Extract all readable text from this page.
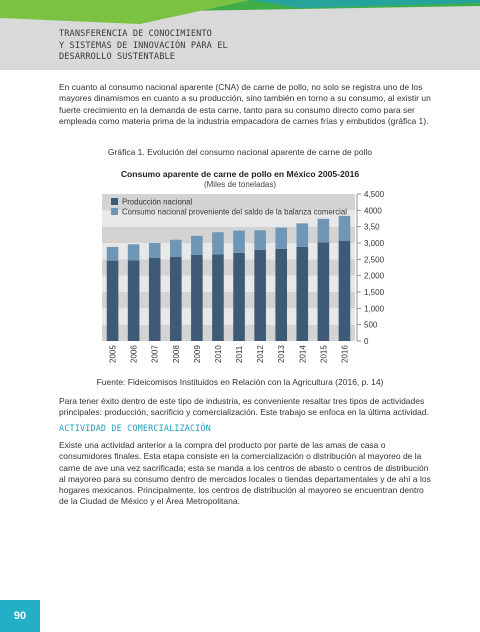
TRANSFERENCIA DE CONOCIMIENTO
Y SISTEMAS DE INNOVACIÓN PARA EL
DESARROLLO SUSTENTABLE

En cuanto al consumo nacional aparente (CNA) de carne de pollo, no solo se registra uno de los mayores dinamismos en cuanto a su producción, sino también en torno a su consumo, al existir un fuerte crecimiento en la demanda de esta carne, tanto para su consumo directo como para ser empleada como materia prima de la industria empacadora de carnes frías y embutidos (gráfica 1).

Gráfica 1. Evolución del consumo nacional aparente de carne de pollo

Consumo aparente de carne de pollo en México 2005-2016

(Miles de toneladas)

2005 2006 2007 2008 2009 2010 2011 2012 2013 2014 2015 2016
0
500
1,000
1,500
2,000
2,500
3,000
3,50
4000
4,500
Producción nacional
Consumo nacional proveniente del saldo de la balanza comercial

Fuente: Fideicomisos Instituidos en Relación con la Agricultura (2016, p. 14)

Para tener éxito dentro de este tipo de industria, es conveniente resaltar tres tipos de actividades principales: producción, sacrificio y comercialización. Este trabajo se enfoca en la última actividad.

ACTIVIDAD DE COMERCIALIZACIÓN

Existe una actividad anterior a la compra del producto por parte de las amas de casa o consumidores finales. Esta etapa consiste en la comercialización o distribución al mayoreo de la carne de ave una vez sacrificada; esta se manda a los centros de abasto o centros de distribución al mayoreo para su consumo dentro de mercados locales o tiendas departamentales y de ahí a los hogares mexicanos. Principalmente, los centros de distribución al mayoreo se encuentran dentro de la Ciudad de México y el Área Metropolitana.

90
